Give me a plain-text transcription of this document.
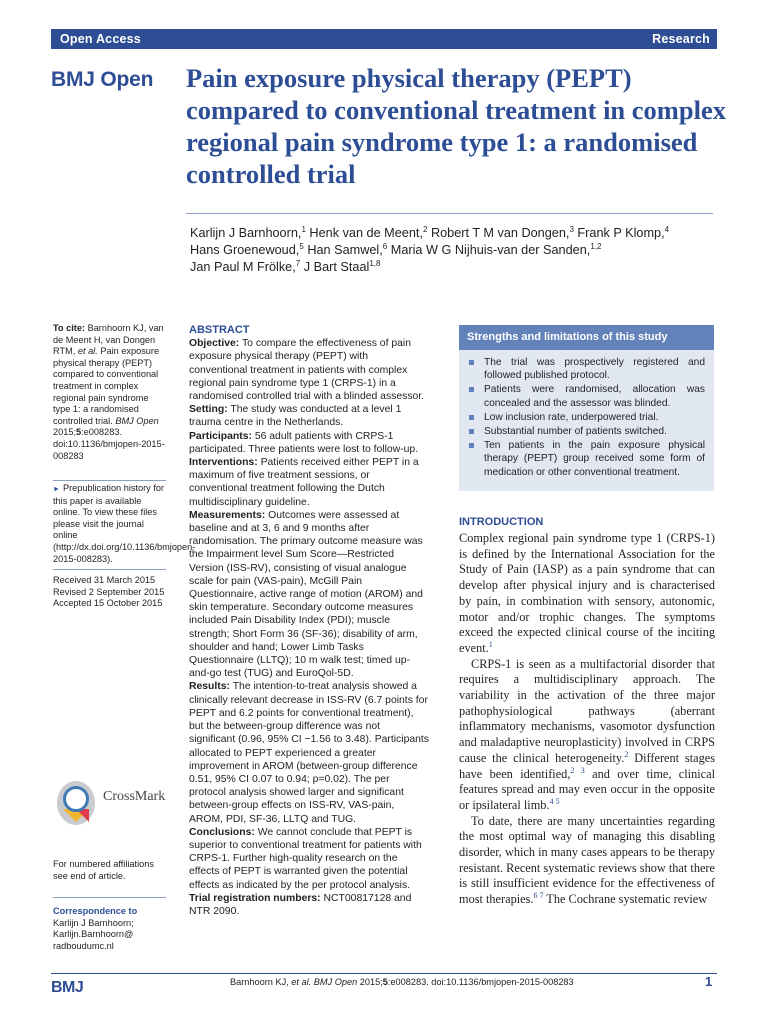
Open Access	Research
BMJ Open Pain exposure physical therapy (PEPT) compared to conventional treatment in complex regional pain syndrome type 1: a randomised controlled trial
Karlijn J Barnhoorn,$^1$ Henk van de Meent,$^2$ Robert T M van Dongen,$^3$ Frank P Klomp,$^4$
Hans Groenewoud,$^5$ Han Samwel,$^6$ Maria W G Nijhuis-van der Sanden,$^{1,2}$
Jan Paul M Frölke,$^7$ J Bart Staal$^{1,8}$
To cite: Barnhoorn KJ, van de Meent H, van Dongen RTM, et al. Pain exposure physical therapy (PEPT) compared to conventional treatment in complex regional pain syndrome type 1: a randomised controlled trial. BMJ Open 2015;5:e008283. doi:10.1136/bmjopen-2015-008283
► Prepublication history for this paper is available online. To view these files please visit the journal online (http://dx.doi.org/10.1136/bmjopen-2015-008283).
Received 31 March 2015
Revised 2 September 2015
Accepted 15 October 2015
CrossMark
For numbered affiliations see end of article.
Correspondence to
Karlijn J Barnhoorn;
Karlijn.Barnhoorn@
radboudumc.nl
ABSTRACT

Objective: To compare the effectiveness of pain exposure physical therapy (PEPT) with conventional treatment in patients with complex regional pain syndrome type 1 (CRPS-1) in a randomised controlled trial with a blinded assessor.

Setting: The study was conducted at a level 1 trauma centre in the Netherlands.

Participants: 56 adult patients with CRPS-1 participated. Three patients were lost to follow-up.

Interventions: Patients received either PEPT in a maximum of five treatment sessions, or conventional treatment following the Dutch multidisciplinary guideline.

Measurements: Outcomes were assessed at baseline and at 3, 6 and 9 months after randomisation. The primary outcome measure was the Impairment level Sum Score—Restricted Version (ISS-RV), consisting of visual analogue scale for pain (VAS-pain), McGill Pain Questionnaire, active range of motion (AROM) and skin temperature. Secondary outcome measures included Pain Disability Index (PDI); muscle strength; Short Form 36 (SF-36); disability of arm, shoulder and hand; Lower Limb Tasks Questionnaire (LLTQ); 10 m walk test; timed up-and-go test (TUG) and EuroQol-5D.

Results: The intention-to-treat analysis showed a clinically relevant decrease in ISS-RV (6.7 points for PEPT and 6.2 points for conventional treatment), but the between-group difference was not significant (0.96, 95% CI −1.56 to 3.48). Participants allocated to PEPT experienced a greater improvement in AROM (between-group difference 0.51, 95% CI 0.07 to 0.94; p=0.02). The per protocol analysis showed larger and significant between-group effects on ISS-RV, VAS-pain, AROM, PDI, SF-36, LLTQ and TUG.

Conclusions: We cannot conclude that PEPT is superior to conventional treatment for patients with CRPS-1. Further high-quality research on the effects of PEPT is warranted given the potential effects as indicated by the per protocol analysis.

Trial registration numbers: NCT00817128 and NTR 2090.

Strengths and limitations of this study
The trial was prospectively registered and followed published protocol.
Patients were randomised, allocation was concealed and the assessor was blinded.
Low inclusion rate, underpowered trial.
Substantial number of patients switched.
Ten patients in the pain exposure physical therapy (PEPT) group received some form of medication or other conventional treatment.
INTRODUCTION

Complex regional pain syndrome type 1 (CRPS-1) is defined by the International Association for the Study of Pain (IASP) as a pain syndrome that can develop after physical injury and is characterised by pain, in combination with sensory, autonomic, motor and/or trophic changes. The symptoms exceed the expected clinical course of the inciting event.$^1$

CRPS-1 is seen as a multifactorial disorder that requires a multidisciplinary approach. The variability in the activation of the three major pathophysiological pathways (aberrant inflammatory mechanisms, vasomotor dysfunction and maladaptive neuroplasticity) involved in CRPS cause the clinical heterogeneity.$^2$ Different stages have been identified,$^{2 3}$ and over time, clinical features spread and may even occur in the opposite or ipsilateral limb.$^{4 5}$

To date, there are many uncertainties regarding the most optimal way of managing this disabling disorder, which in many cases appears to be therapy resistant. Recent systematic reviews show that there is still insufficient evidence for the effectiveness of most therapies.$^{6 7}$ The Cochrane systematic review

BMJ	Barnhoorn KJ, et al. BMJ Open 2015;5:e008283. doi:10.1136/bmjopen-2015-008283	1
